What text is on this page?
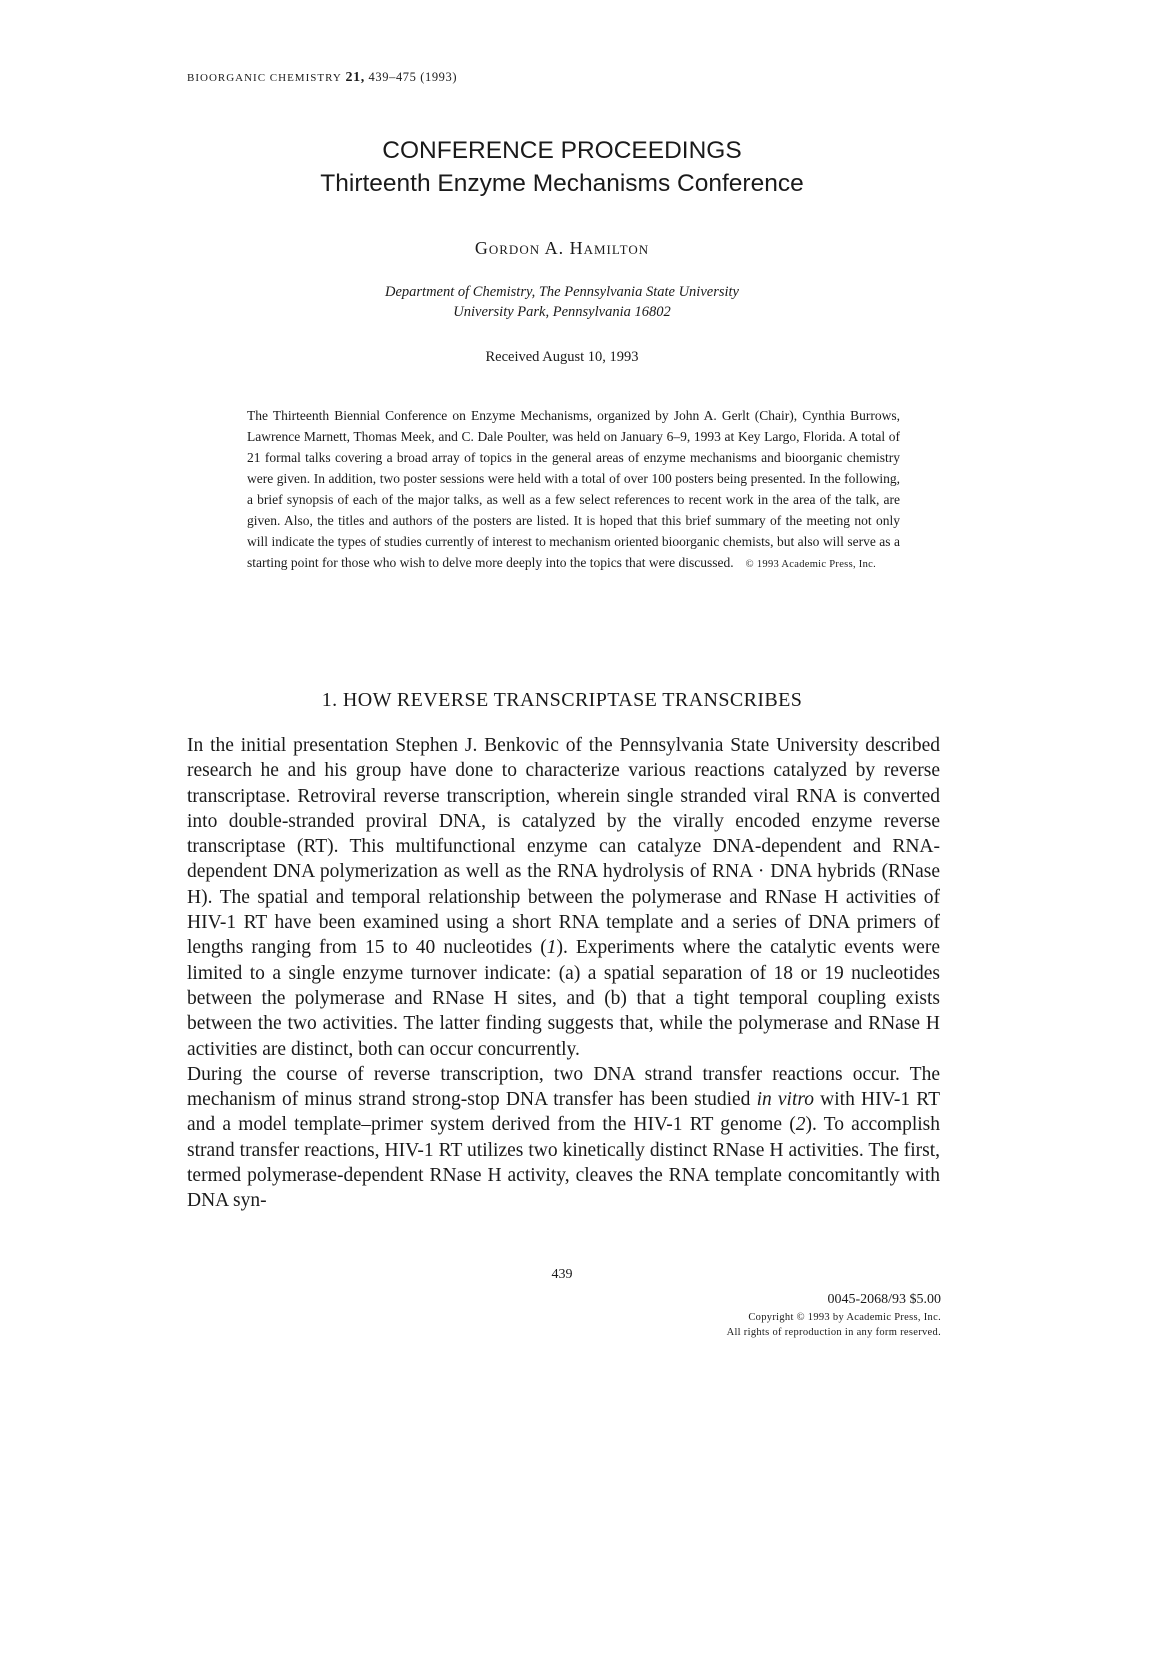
BIOORGANIC CHEMISTRY 21, 439–475 (1993)
CONFERENCE PROCEEDINGS
Thirteenth Enzyme Mechanisms Conference
Gordon A. Hamilton
Department of Chemistry, The Pennsylvania State University
University Park, Pennsylvania 16802
Received August 10, 1993
The Thirteenth Biennial Conference on Enzyme Mechanisms, organized by John A. Gerlt (Chair), Cynthia Burrows, Lawrence Marnett, Thomas Meek, and C. Dale Poulter, was held on January 6–9, 1993 at Key Largo, Florida. A total of 21 formal talks covering a broad array of topics in the general areas of enzyme mechanisms and bioorganic chemistry were given. In addition, two poster sessions were held with a total of over 100 posters being presented. In the following, a brief synopsis of each of the major talks, as well as a few select references to recent work in the area of the talk, are given. Also, the titles and authors of the posters are listed. It is hoped that this brief summary of the meeting not only will indicate the types of studies currently of interest to mechanism oriented bioorganic chemists, but also will serve as a starting point for those who wish to delve more deeply into the topics that were discussed. © 1993 Academic Press, Inc.
1. HOW REVERSE TRANSCRIPTASE TRANSCRIBES

In the initial presentation Stephen J. Benkovic of the Pennsylvania State University described research he and his group have done to characterize various reactions catalyzed by reverse transcriptase. Retroviral reverse transcription, wherein single stranded viral RNA is converted into double-stranded proviral DNA, is catalyzed by the virally encoded enzyme reverse transcriptase (RT). This multifunctional enzyme can catalyze DNA-dependent and RNA-dependent DNA polymerization as well as the RNA hydrolysis of RNA · DNA hybrids (RNase H). The spatial and temporal relationship between the polymerase and RNase H activities of HIV-1 RT have been examined using a short RNA template and a series of DNA primers of lengths ranging from 15 to 40 nucleotides (1). Experiments where the catalytic events were limited to a single enzyme turnover indicate: (a) a spatial separation of 18 or 19 nucleotides between the polymerase and RNase H sites, and (b) that a tight temporal coupling exists between the two activities. The latter finding suggests that, while the polymerase and RNase H activities are distinct, both can occur concurrently.

During the course of reverse transcription, two DNA strand transfer reactions occur. The mechanism of minus strand strong-stop DNA transfer has been studied in vitro with HIV-1 RT and a model template–primer system derived from the HIV-1 RT genome (2). To accomplish strand transfer reactions, HIV-1 RT utilizes two kinetically distinct RNase H activities. The first, termed polymerase-dependent RNase H activity, cleaves the RNA template concomitantly with DNA syn-

439
0045-2068/93 $5.00
Copyright © 1993 by Academic Press, Inc.
All rights of reproduction in any form reserved.
